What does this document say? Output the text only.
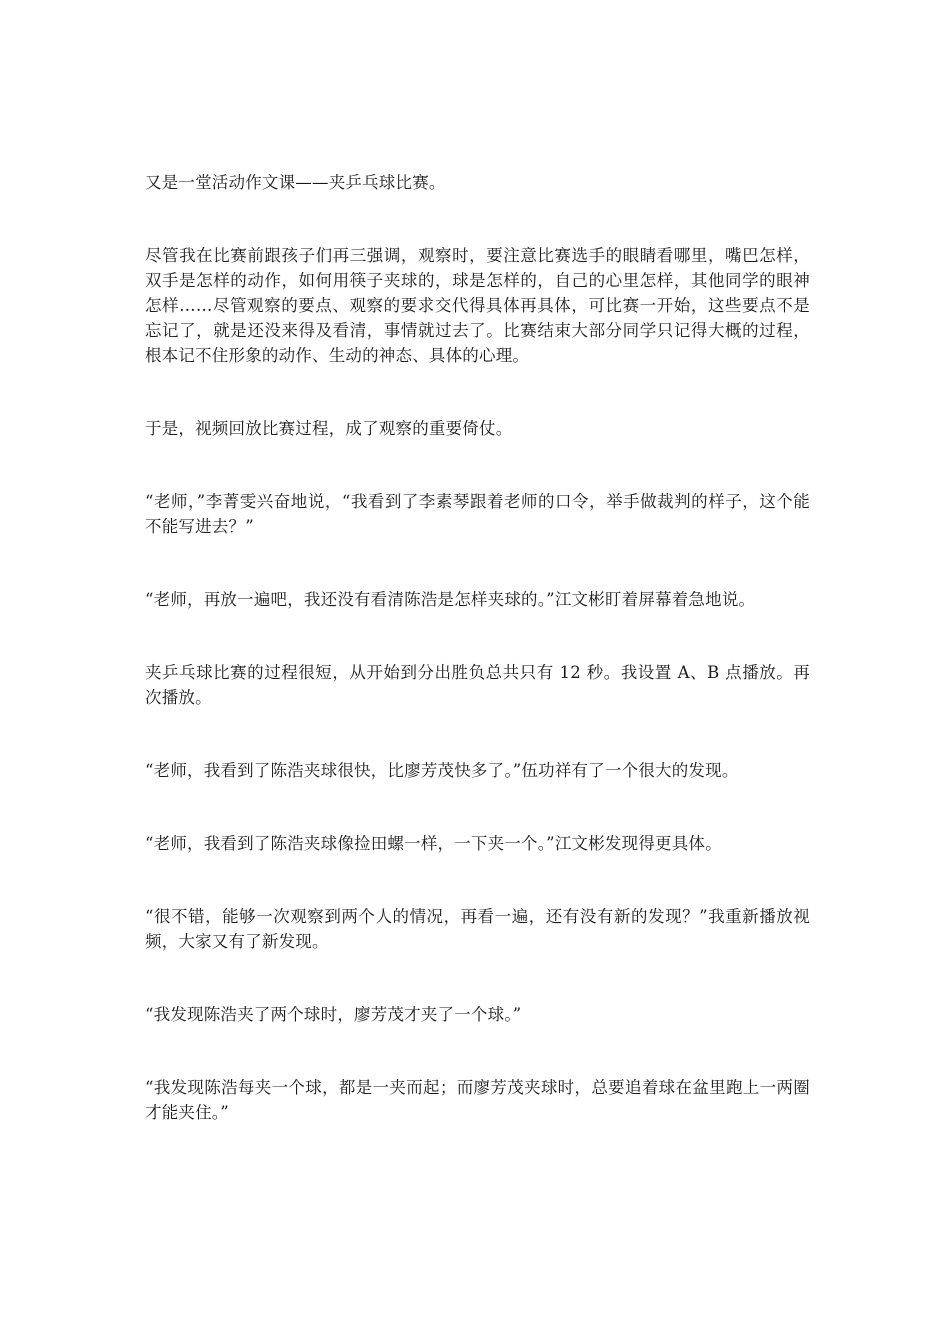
又是一堂活动作文课——夹乒乓球比赛。

尽管我在比赛前跟孩子们再三强调，观察时，要注意比赛选手的眼睛看哪里，嘴巴怎样，双手是怎样的动作，如何用筷子夹球的，球是怎样的，自己的心里怎样，其他同学的眼神怎样……尽管观察的要点、观察的要求交代得具体再具体，可比赛一开始，这些要点不是忘记了，就是还没来得及看清，事情就过去了。比赛结束大部分同学只记得大概的过程，根本记不住形象的动作、生动的神态、具体的心理。

于是，视频回放比赛过程，成了观察的重要倚仗。

“老师，”李菁雯兴奋地说，“我看到了李素琴跟着老师的口令，举手做裁判的样子，这个能不能写进去？”

“老师，再放一遍吧，我还没有看清陈浩是怎样夹球的。”江文彬盯着屏幕着急地说。

夹乒乓球比赛的过程很短，从开始到分出胜负总共只有 12 秒。我设置 A、B 点播放。再次播放。

“老师，我看到了陈浩夹球很快，比廖芳茂快多了。”伍功祥有了一个很大的发现。

“老师，我看到了陈浩夹球像捡田螺一样，一下夹一个。”江文彬发现得更具体。

“很不错，能够一次观察到两个人的情况，再看一遍，还有没有新的发现？”我重新播放视频，大家又有了新发现。

“我发现陈浩夹了两个球时，廖芳茂才夹了一个球。”

“我发现陈浩每夹一个球，都是一夹而起；而廖芳茂夹球时，总要追着球在盆里跑上一两圈才能夹住。”
